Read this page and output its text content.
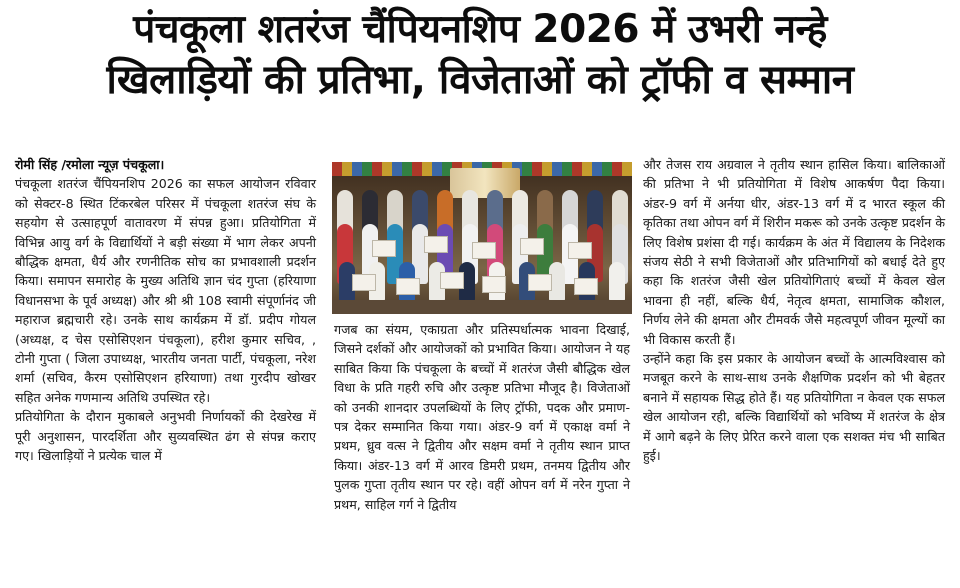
पंचकूला शतरंज चैंपियनशिप 2026 में उभरी नन्हे
खिलाड़ियों की प्रतिभा, विजेताओं को ट्रॉफी व सम्मान

रोमी सिंह /रमोला न्यूज़ पंचकूला।

पंचकूला शतरंज चैंपियनशिप 2026 का सफल आयोजन रविवार को सेक्टर-8 स्थित टिंकरबेल परिसर में पंचकूला शतरंज संघ के सहयोग से उत्साहपूर्ण वातावरण में संपन्न हुआ। प्रतियोगिता में विभिन्न आयु वर्ग के विद्यार्थियों ने बड़ी संख्या में भाग लेकर अपनी बौद्धिक क्षमता, धैर्य और रणनीतिक सोच का प्रभावशाली प्रदर्शन किया। समापन समारोह के मुख्य अतिथि ज्ञान चंद गुप्ता (हरियाणा विधानसभा के पूर्व अध्यक्ष) और श्री श्री 108 स्वामी संपूर्णानंद जी महाराज ब्रह्मचारी रहे। उनके साथ कार्यक्रम में डॉ. प्रदीप गोयल (अध्यक्ष, द चेस एसोसिएशन पंचकूला), हरीश कुमार सचिव, , टोनी गुप्ता ( जिला उपाध्यक्ष, भारतीय जनता पार्टी, पंचकूला, नरेश शर्मा (सचिव, कैरम एसोसिएशन हरियाणा) तथा गुरदीप खोखर सहित अनेक गणमान्य अतिथि उपस्थित रहे।

प्रतियोगिता के दौरान मुकाबले अनुभवी निर्णायकों की देखरेख में पूरी अनुशासन, पारदर्शिता और सुव्यवस्थित ढंग से संपन्न कराए गए। खिलाड़ियों ने प्रत्येक चाल में

गजब का संयम, एकाग्रता और प्रतिस्पर्धात्मक भावना दिखाई, जिसने दर्शकों और आयोजकों को प्रभावित किया। आयोजन ने यह साबित किया कि पंचकूला के बच्चों में शतरंज जैसी बौद्धिक खेल विधा के प्रति गहरी रुचि और उत्कृष्ट प्रतिभा मौजूद है। विजेताओं को उनकी शानदार उपलब्धियों के लिए ट्रॉफी, पदक और प्रमाण-पत्र देकर सम्मानित किया गया। अंडर-9 वर्ग में एकाक्ष वर्मा ने प्रथम, ध्रुव वत्स ने द्वितीय और सक्षम वर्मा ने तृतीय स्थान प्राप्त किया। अंडर-13 वर्ग में आरव डिमरी प्रथम, तनमय द्वितीय और पुलक गुप्ता तृतीय स्थान पर रहे। वहीं ओपन वर्ग में नरेन गुप्ता ने प्रथम, साहिल गर्ग ने द्वितीय

और तेजस राय अग्रवाल ने तृतीय स्थान हासिल किया। बालिकाओं की प्रतिभा ने भी प्रतियोगिता में विशेष आकर्षण पैदा किया। अंडर-9 वर्ग में अर्नया धीर, अंडर-13 वर्ग में द भारत स्कूल की कृतिका तथा ओपन वर्ग में शिरीन मकरू को उनके उत्कृष्ट प्रदर्शन के लिए विशेष प्रशंसा दी गई। कार्यक्रम के अंत में विद्यालय के निदेशक संजय सेठी ने सभी विजेताओं और प्रतिभागियों को बधाई देते हुए कहा कि शतरंज जैसी खेल प्रतियोगिताएं बच्चों में केवल खेल भावना ही नहीं, बल्कि धैर्य, नेतृत्व क्षमता, सामाजिक कौशल, निर्णय लेने की क्षमता और टीमवर्क जैसे महत्वपूर्ण जीवन मूल्यों का भी विकास करती हैं।

उन्होंने कहा कि इस प्रकार के आयोजन बच्चों के आत्मविश्वास को मजबूत करने के साथ-साथ उनके शैक्षणिक प्रदर्शन को भी बेहतर बनाने में सहायक सिद्ध होते हैं। यह प्रतियोगिता न केवल एक सफल खेल आयोजन रही, बल्कि विद्यार्थियों को भविष्य में शतरंज के क्षेत्र में आगे बढ़ने के लिए प्रेरित करने वाला एक सशक्त मंच भी साबित हुई।
